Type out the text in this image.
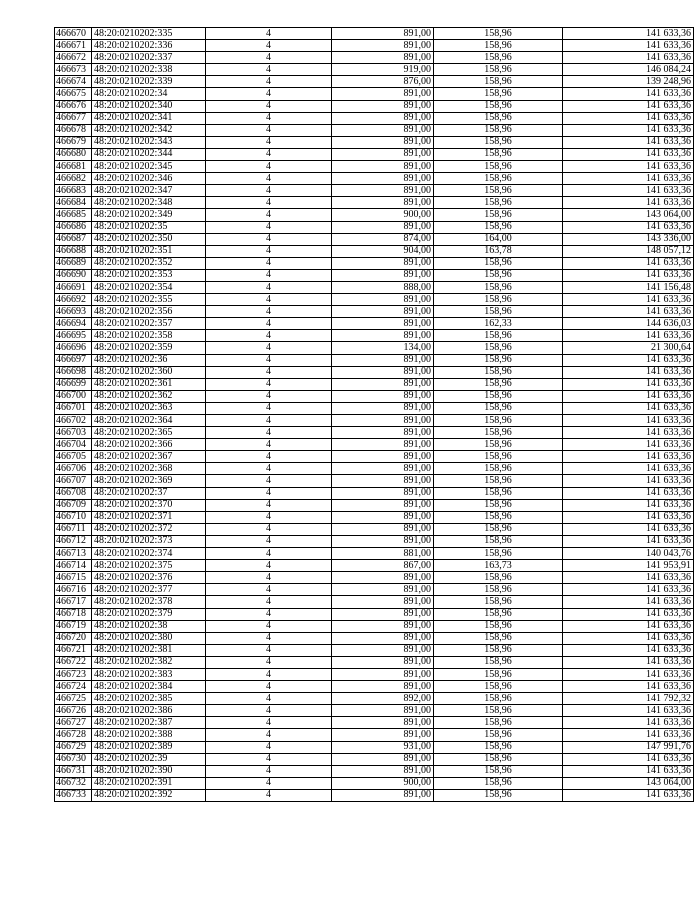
466670	48:20:0210202:335	4	891,00	158,96	141 633,36
466671	48:20:0210202:336	4	891,00	158,96	141 633,36
466672	48:20:0210202:337	4	891,00	158,96	141 633,36
466673	48:20:0210202:338	4	919,00	158,96	146 084,24
466674	48:20:0210202:339	4	876,00	158,96	139 248,96
466675	48:20:0210202:34	4	891,00	158,96	141 633,36
466676	48:20:0210202:340	4	891,00	158,96	141 633,36
466677	48:20:0210202:341	4	891,00	158,96	141 633,36
466678	48:20:0210202:342	4	891,00	158,96	141 633,36
466679	48:20:0210202:343	4	891,00	158,96	141 633,36
466680	48:20:0210202:344	4	891,00	158,96	141 633,36
466681	48:20:0210202:345	4	891,00	158,96	141 633,36
466682	48:20:0210202:346	4	891,00	158,96	141 633,36
466683	48:20:0210202:347	4	891,00	158,96	141 633,36
466684	48:20:0210202:348	4	891,00	158,96	141 633,36
466685	48:20:0210202:349	4	900,00	158,96	143 064,00
466686	48:20:0210202:35	4	891,00	158,96	141 633,36
466687	48:20:0210202:350	4	874,00	164,00	143 336,00
466688	48:20:0210202:351	4	904,00	163,78	148 057,12
466689	48:20:0210202:352	4	891,00	158,96	141 633,36
466690	48:20:0210202:353	4	891,00	158,96	141 633,36
466691	48:20:0210202:354	4	888,00	158,96	141 156,48
466692	48:20:0210202:355	4	891,00	158,96	141 633,36
466693	48:20:0210202:356	4	891,00	158,96	141 633,36
466694	48:20:0210202:357	4	891,00	162,33	144 636,03
466695	48:20:0210202:358	4	891,00	158,96	141 633,36
466696	48:20:0210202:359	4	134,00	158,96	21 300,64
466697	48:20:0210202:36	4	891,00	158,96	141 633,36
466698	48:20:0210202:360	4	891,00	158,96	141 633,36
466699	48:20:0210202:361	4	891,00	158,96	141 633,36
466700	48:20:0210202:362	4	891,00	158,96	141 633,36
466701	48:20:0210202:363	4	891,00	158,96	141 633,36
466702	48:20:0210202:364	4	891,00	158,96	141 633,36
466703	48:20:0210202:365	4	891,00	158,96	141 633,36
466704	48:20:0210202:366	4	891,00	158,96	141 633,36
466705	48:20:0210202:367	4	891,00	158,96	141 633,36
466706	48:20:0210202:368	4	891,00	158,96	141 633,36
466707	48:20:0210202:369	4	891,00	158,96	141 633,36
466708	48:20:0210202:37	4	891,00	158,96	141 633,36
466709	48:20:0210202:370	4	891,00	158,96	141 633,36
466710	48:20:0210202:371	4	891,00	158,96	141 633,36
466711	48:20:0210202:372	4	891,00	158,96	141 633,36
466712	48:20:0210202:373	4	891,00	158,96	141 633,36
466713	48:20:0210202:374	4	881,00	158,96	140 043,76
466714	48:20:0210202:375	4	867,00	163,73	141 953,91
466715	48:20:0210202:376	4	891,00	158,96	141 633,36
466716	48:20:0210202:377	4	891,00	158,96	141 633,36
466717	48:20:0210202:378	4	891,00	158,96	141 633,36
466718	48:20:0210202:379	4	891,00	158,96	141 633,36
466719	48:20:0210202:38	4	891,00	158,96	141 633,36
466720	48:20:0210202:380	4	891,00	158,96	141 633,36
466721	48:20:0210202:381	4	891,00	158,96	141 633,36
466722	48:20:0210202:382	4	891,00	158,96	141 633,36
466723	48:20:0210202:383	4	891,00	158,96	141 633,36
466724	48:20:0210202:384	4	891,00	158,96	141 633,36
466725	48:20:0210202:385	4	892,00	158,96	141 792,32
466726	48:20:0210202:386	4	891,00	158,96	141 633,36
466727	48:20:0210202:387	4	891,00	158,96	141 633,36
466728	48:20:0210202:388	4	891,00	158,96	141 633,36
466729	48:20:0210202:389	4	931,00	158,96	147 991,76
466730	48:20:0210202:39	4	891,00	158,96	141 633,36
466731	48:20:0210202:390	4	891,00	158,96	141 633,36
466732	48:20:0210202:391	4	900,00	158,96	143 064,00
466733	48:20:0210202:392	4	891,00	158,96	141 633,36
